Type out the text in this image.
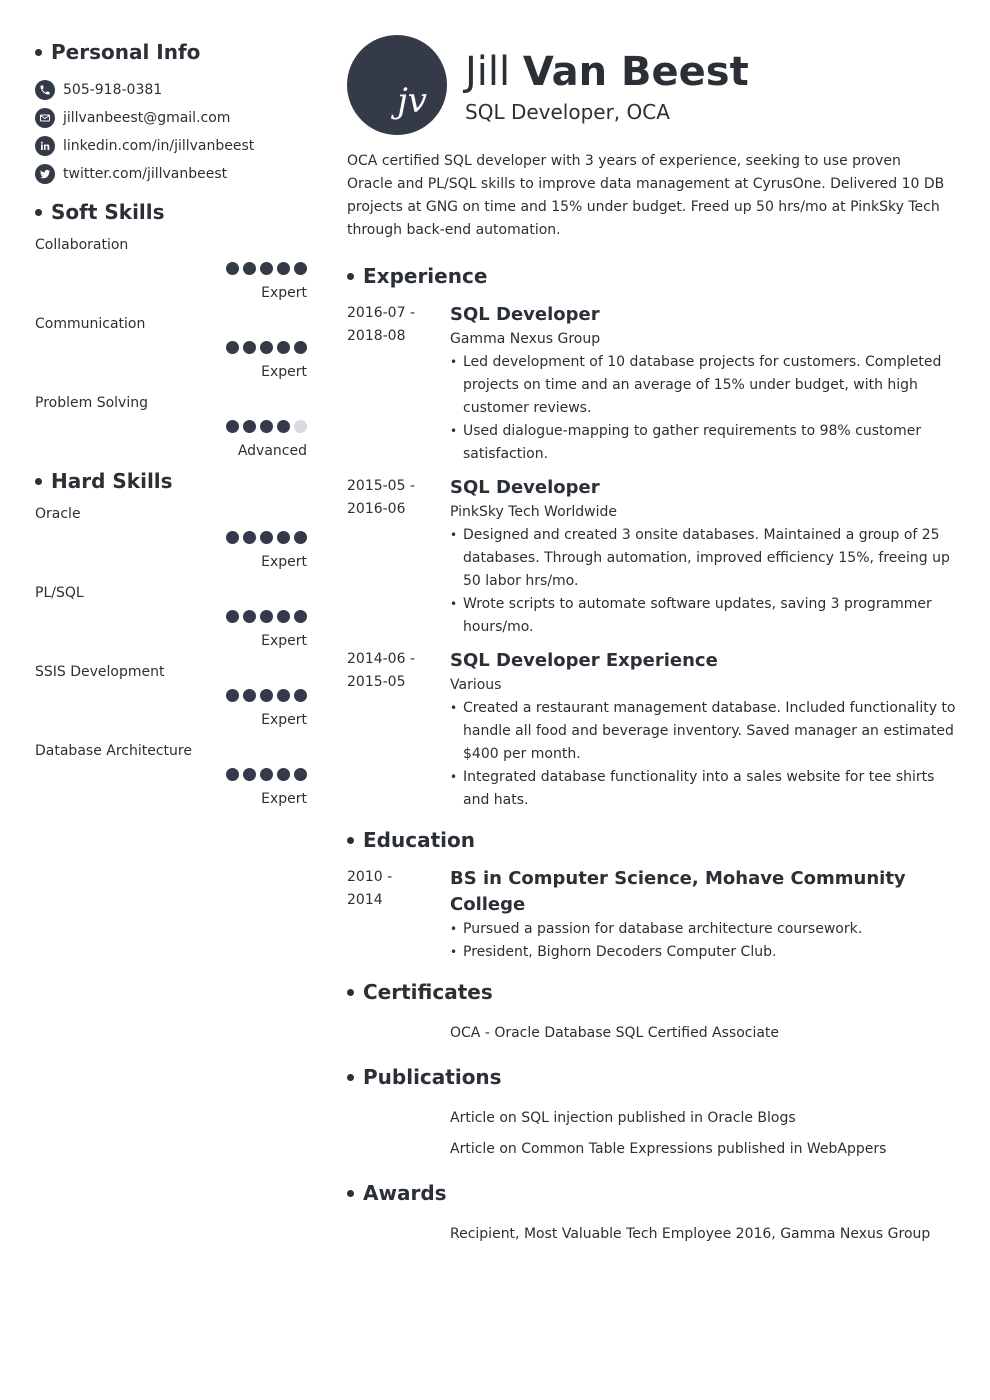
Personal Info
505-918-0381
jillvanbeest@gmail.com
linkedin.com/in/jillvanbeest
twitter.com/jillvanbeest
Soft Skills
Collaboration
Expert
Communication
Expert
Problem Solving
Advanced
Hard Skills
Oracle
Expert
PL/SQL
Expert
SSIS Development
Expert
Database Architecture
Expert
jv
Jill Van Beest
SQL Developer, OCA

OCA certified SQL developer with 3 years of experience, seeking to use proven Oracle and PL/SQL skills to improve data management at CyrusOne. Delivered 10 DB projects at GNG on time and 15% under budget. Freed up 50 hrs/mo at PinkSky Tech through back-end automation.

Experience
2016-07 -
2018-08
SQL Developer
Gamma Nexus Group
• Led development of 10 database projects for customers. Completed projects on time and an average of 15% under budget, with high customer reviews.
• Used dialogue-mapping to gather requirements to 98% customer satisfaction.
2015-05 -
2016-06
SQL Developer
PinkSky Tech Worldwide
• Designed and created 3 onsite databases. Maintained a group of 25 databases. Through automation, improved efficiency 15%, freeing up 50 labor hrs/mo.
• Wrote scripts to automate software updates, saving 3 programmer hours/mo.
2014-06 -
2015-05
SQL Developer Experience
Various
• Created a restaurant management database. Included functionality to handle all food and beverage inventory. Saved manager an estimated $400 per month.
• Integrated database functionality into a sales website for tee shirts and hats.
Education
2010 -
2014
BS in Computer Science, Mohave Community College
• Pursued a passion for database architecture coursework.
• President, Bighorn Decoders Computer Club.
Certificates
OCA - Oracle Database SQL Certified Associate
Publications
Article on SQL injection published in Oracle Blogs
Article on Common Table Expressions published in WebAppers
Awards
Recipient, Most Valuable Tech Employee 2016, Gamma Nexus Group
